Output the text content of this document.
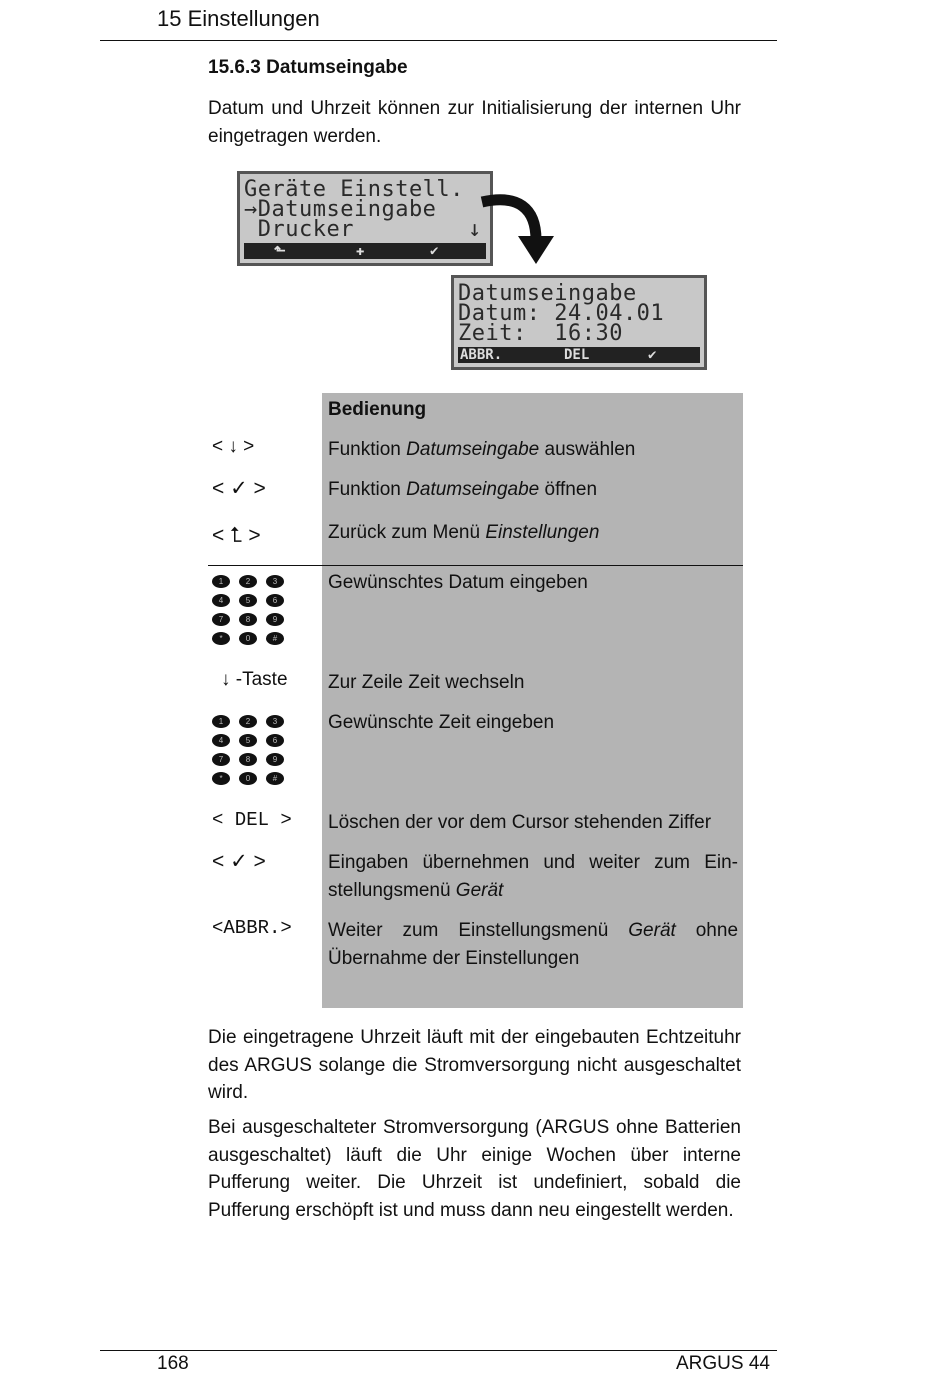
15 Einstellungen
15.6.3 Datumseingabe
Datum und Uhrzeit können zur Initialisierung der internen Uhr eingetragen werden.
Geräte Einstell.
→Datumseingabe
Drucker	↓

⬑

	✚

	✔

Datumseingabe
Datum: 24.04.01
Zeit:  16:30

ABBR.

	DEL

	✔

Bedienung
< ↓ >	Funktion Datumseingabe auswählen
< ✓ >	Funktion Datumseingabe öffnen
< ⮤ >	Zurück zum Menü Einstellungen
1	2	3
4	5	6
7	8	9
*	0	#
Gewünschtes Datum eingeben
↓ -Taste Zur Zeile Zeit wechseln
1	2	3
4	5	6
7	8	9
*	0	#
Gewünschte Zeit eingeben
< DEL > Löschen der vor dem Cursor stehenden Ziffer
< ✓ >	Eingaben übernehmen und weiter zum Ein-stellungsmenü Gerät
<ABBR.> Weiter zum Einstellungsmenü Gerät ohne Übernahme der Einstellungen
Die eingetragene Uhrzeit läuft mit der eingebauten Echtzeituhr des ARGUS solange die Stromversorgung nicht ausgeschaltet wird.
Bei ausgeschalteter Stromversorgung (ARGUS ohne Batterien ausgeschaltet) läuft die Uhr einige Wochen über interne Pufferung weiter. Die Uhrzeit ist undefiniert, sobald die Pufferung erschöpft ist und muss dann neu eingestellt werden.
168	ARGUS 44
